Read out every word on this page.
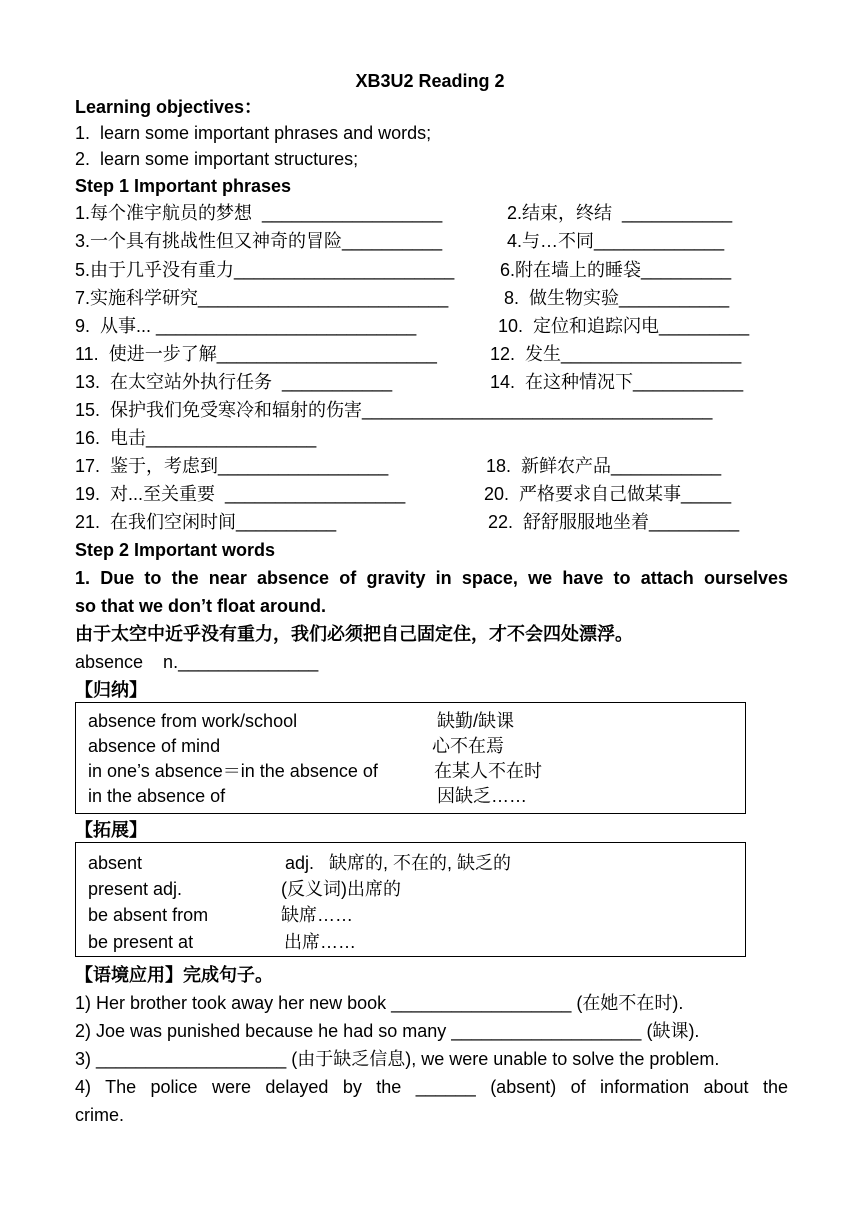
XB3U2 Reading 2
Learning objectives：
1.  learn some important phrases and words;
2.  learn some important structures;
Step 1 Important phrases
1.每个准宇航员的梦想  __________________	2.结束，终结  ___________
3.一个具有挑战性但又神奇的冒险__________	4.与…不同_____________
5.由于几乎没有重力______________________	6.附在墙上的睡袋_________
7.实施科学研究_________________________	8.  做生物实验___________
9.  从事... __________________________	10.  定位和追踪闪电_________
11.  使进一步了解______________________	12.  发生__________________
13.  在太空站外执行任务  ___________	14.  在这种情况下___________
15.  保护我们免受寒冷和辐射的伤害___________________________________
16.  电击_________________
17.  鉴于，考虑到_________________	18.  新鲜农产品___________
19.  对...至关重要  __________________	20.  严格要求自己做某事_____
21.  在我们空闲时间__________	22.  舒舒服服地坐着_________
Step 2 Important words
1. Due to the near absence of gravity in space, we have to attach ourselves
so that we don’t float around.
由于太空中近乎没有重力，我们必须把自己固定住，才不会四处漂浮。
absence    n.______________
【归纳】
absence from work/school	缺勤/缺课
absence of mind	心不在焉
in one’s absence＝in the absence of	在某人不在时
in the absence of	因缺乏……
【拓展】
absent	adj.   缺席的, 不在的, 缺乏的
present adj.	(反义词)出席的
be absent from	缺席……
be present at	出席……
【语境应用】完成句子。
1) Her brother took away her new book __________________ (在她不在时).
2) Joe was punished because he had so many ___________________ (缺课).
3) ___________________ (由于缺乏信息), we were unable to solve the problem.
4) The police were delayed by the ______ (absent) of information about the
crime.
